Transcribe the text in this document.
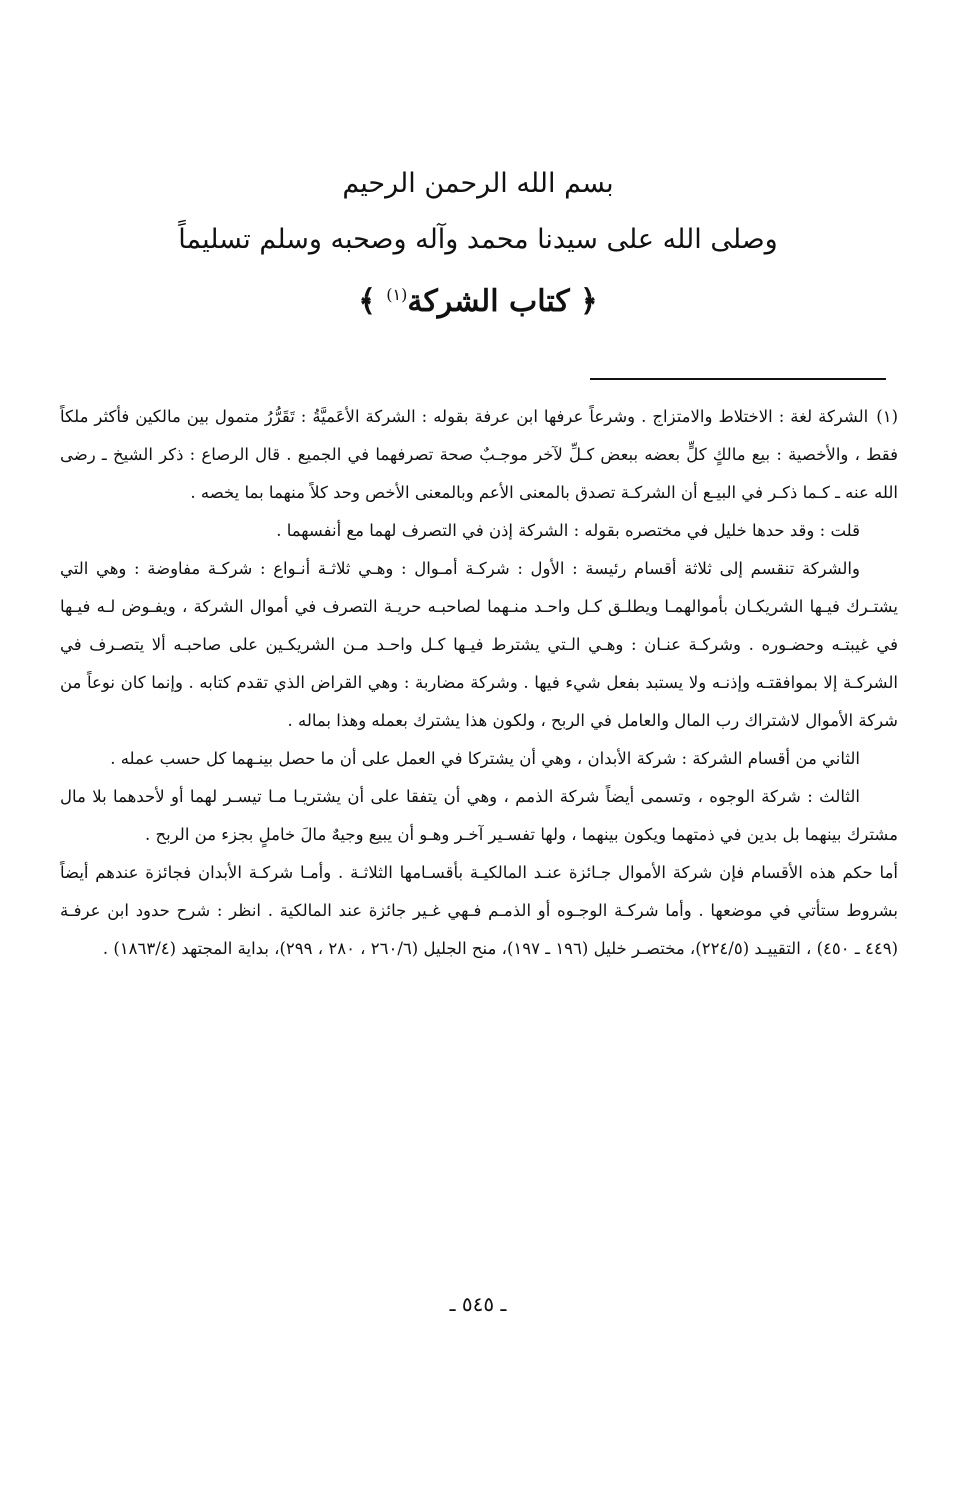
بسم الله الرحمن الرحيم
وصلى الله على سيدنا محمد وآله وصحبه وسلم تسليماً
﴿ كتاب الشركة$^{(١)}$ ﴾

(١)الشركة لغة : الاختلاط والامتزاج . وشرعاً عرفها ابن عرفة بقوله : الشركة الأعَميَّةُ : تَقَرُّرُ متمول بين مالكين فأكثر ملكاً فقط ، والأخصية : بيع مالكٍ كلٍّ بعضه ببعض كـلِّ لآخر موجـبٌ صحة تصرفهما في الجميع . قال الرصاع : ذكر الشيخ ـ رضى الله عنه ـ كـما ذكـر في البيـع أن الشركـة تصدق بالمعنى الأعم وبالمعنى الأخص وحد كلاً منهما بما يخصه .

قلت : وقد حدها خليل في مختصره بقوله : الشركة إذن في التصرف لهما مع أنفسهما .

والشركة تنقسم إلى ثلاثة أقسام رئيسة : الأول : شركـة أمـوال : وهـي ثلاثـة أنـواع : شركـة مفاوضة : وهي التي يشتـرك فيـها الشريكـان بأموالهمـا ويطلـق كـل واحـد منـهما لصاحبـه حريـة التصرف في أموال الشركة ، ويفـوض لـه فيـها في غيبتـه وحضـوره . وشركـة عنـان : وهـي الـتي يشترط فيـها كـل واحـد مـن الشريكـين على صاحبـه ألا يتصـرف في الشركـة إلا بموافقتـه وإذنـه ولا يستبد بفعل شيء فيها . وشركة مضاربة : وهي القراض الذي تقدم كتابه . وإنما كان نوعاً من شركة الأموال لاشتراك رب المال والعامل في الربح ، ولكون هذا يشترك بعمله وهذا بماله .

الثاني من أقسام الشركة : شركة الأبدان ، وهي أن يشتركا في العمل على أن ما حصل بينـهما كل حسب عمله .

الثالث : شركة الوجوه ، وتسمى أيضاً شركة الذمم ، وهي أن يتفقا على أن يشتريـا مـا تيسـر لهما أو لأحدهما بلا مال مشترك بينهما بل بدين في ذمتهما ويكون بينهما ، ولها تفسـير آخـر وهـو أن يبيع وجيهٌ مالَ خاملٍ بجزء من الربح .

أما حكم هذه الأقسام فإن شركة الأموال جـائزة عنـد المالكيـة بأقسـامها الثلاثـة . وأمـا شركـة الأبدان فجائزة عندهم أيضاً بشروط ستأتي في موضعها . وأما شركـة الوجـوه أو الذمـم فـهي غـير جائزة عند المالكية . انظر : شرح حدود ابن عرفـة (٤٤٩ ـ ٤٥٠) ، التقييـد (٢٢٤/٥)، مختصـر خليل (١٩٦ ـ ١٩٧)، منح الجليل (٢٦٠/٦ ، ٢٨٠ ، ٢٩٩)، بداية المجتهد (١٨٦٣/٤) .

ـ ٥٤٥ ـ
